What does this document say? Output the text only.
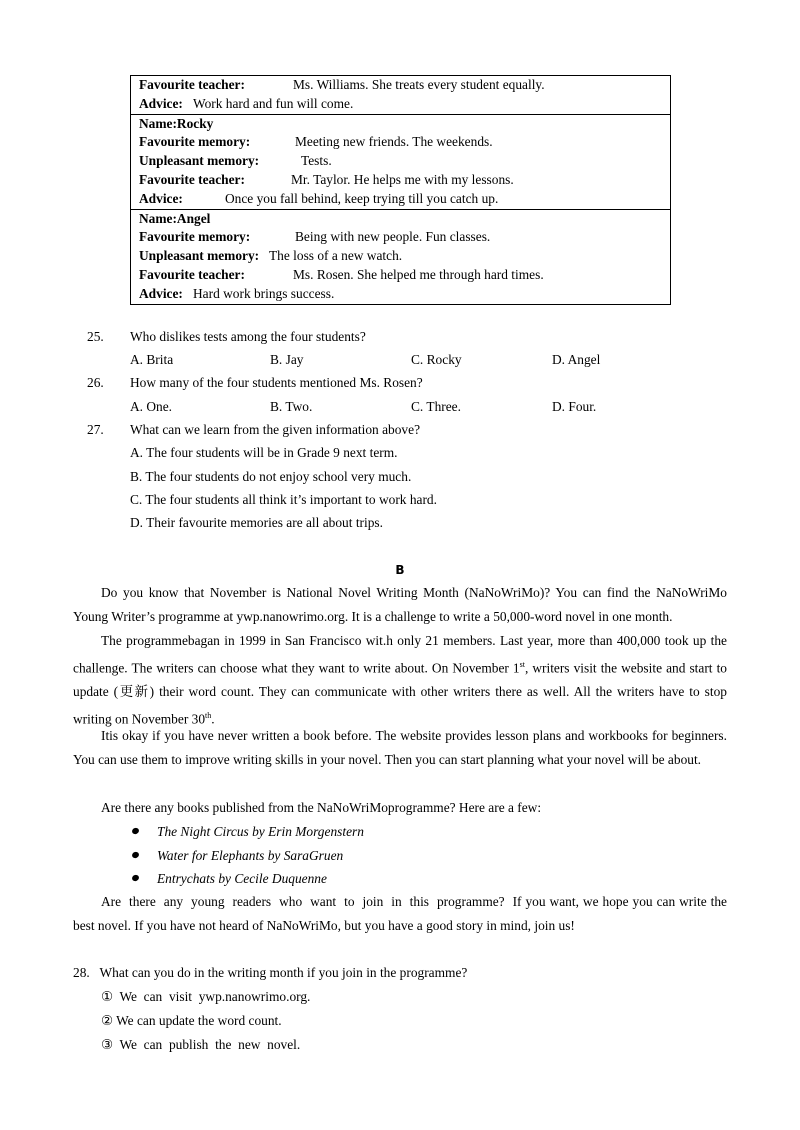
Favourite teacher:	Ms. Williams. She treats every student equally.
Advice: Work hard and fun will come.
Name:Rocky
Favourite memory:	Meeting new friends. The weekends.
Unpleasant memory:	Tests.
Favourite teacher:	Mr. Taylor. He helps me with my lessons.
Advice:	Once you fall behind, keep trying till you catch up.
Name:Angel
Favourite memory:	Being with new people. Fun classes.
Unpleasant memory: The loss of a new watch.
Favourite teacher:	Ms. Rosen. She helped me through hard times.
Advice: Hard work brings success.
25. Who dislikes tests among the four students?
A. Brita	B. Jay	C. Rocky	D. Angel
26. How many of the four students mentioned Ms. Rosen?
A. One.	B. Two.	C. Three.	D. Four.
27. What can we learn from the given information above?
A. The four students will be in Grade 9 next term.
B. The four students do not enjoy school very much.
C. The four students all think it’s important to work hard.
D. Their favourite memories are all about trips.
B

Do you know that November is National Novel Writing Month (NaNoWriMo)? You can find the NaNoWriMo Young Writer’s programme at ywp.nanowrimo.org. It is a challenge to write a 50,000-word novel in one month.

The programmebagan in 1999 in San Francisco wit.h only 21 members. Last year, more than 400,000 took up the challenge. The writers can choose what they want to write about. On November 1st, writers visit the website and start to update (更新) their word count. They can communicate with other writers there as well. All the writers have to stop writing on November 30th.

Itis okay if you have never written a book before. The website provides lesson plans and workbooks for beginners. You can use them to improve writing skills in your novel. Then you can start planning what your novel will be about.

Are there any books published from the NaNoWriMoprogramme? Here are a few:

The Night Circus by Erin Morgenstern
Water for Elephants by SaraGruen
Entrychats by Cecile Duquenne

Are  there  any  young  readers  who  want  to  join  in  this  programme?  If you want, we hope you can write the best novel. If you have not heard of NaNoWriMo, but you have a good story in mind, join us!

28.   What can you do in the writing month if you join in the programme?
①  We  can  visit  ywp.nanowrimo.org.
② We can update the word count.
③  We  can  publish  the  new  novel.
